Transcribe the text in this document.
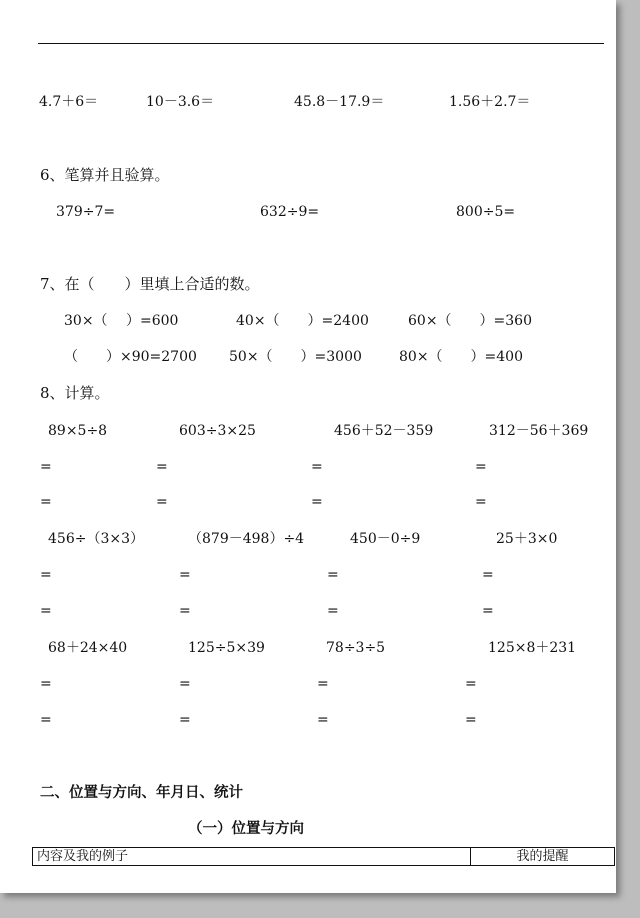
4.7＋6＝	10－3.6＝	45.8－17.9＝	1.56＋2.7＝
6、笔算并且验算。
379÷7=	632÷9=	800÷5=
7、在（　　）里填上合适的数。
30×（　 ）=600	40×（　　）=2400	60×（　　）=360
（　　）×90=2700 50×（　　）=3000	80×（　　）=400
8、计算。
89×5÷8	603÷3×25	456＋52－359	312－56＋369
=	=	=	=
=	=	=	=
456÷（3×3）	（879－498）÷4	450－0÷9	25＋3×0
=	=	=	=
=	=	=	=
68＋24×40	125÷5×39	78÷3÷5	125×8＋231
=	=	=	=
=	=	=	=
二、位置与方向、年月日、统计
（一）位置与方向
内容及我的例子	我的提醒
